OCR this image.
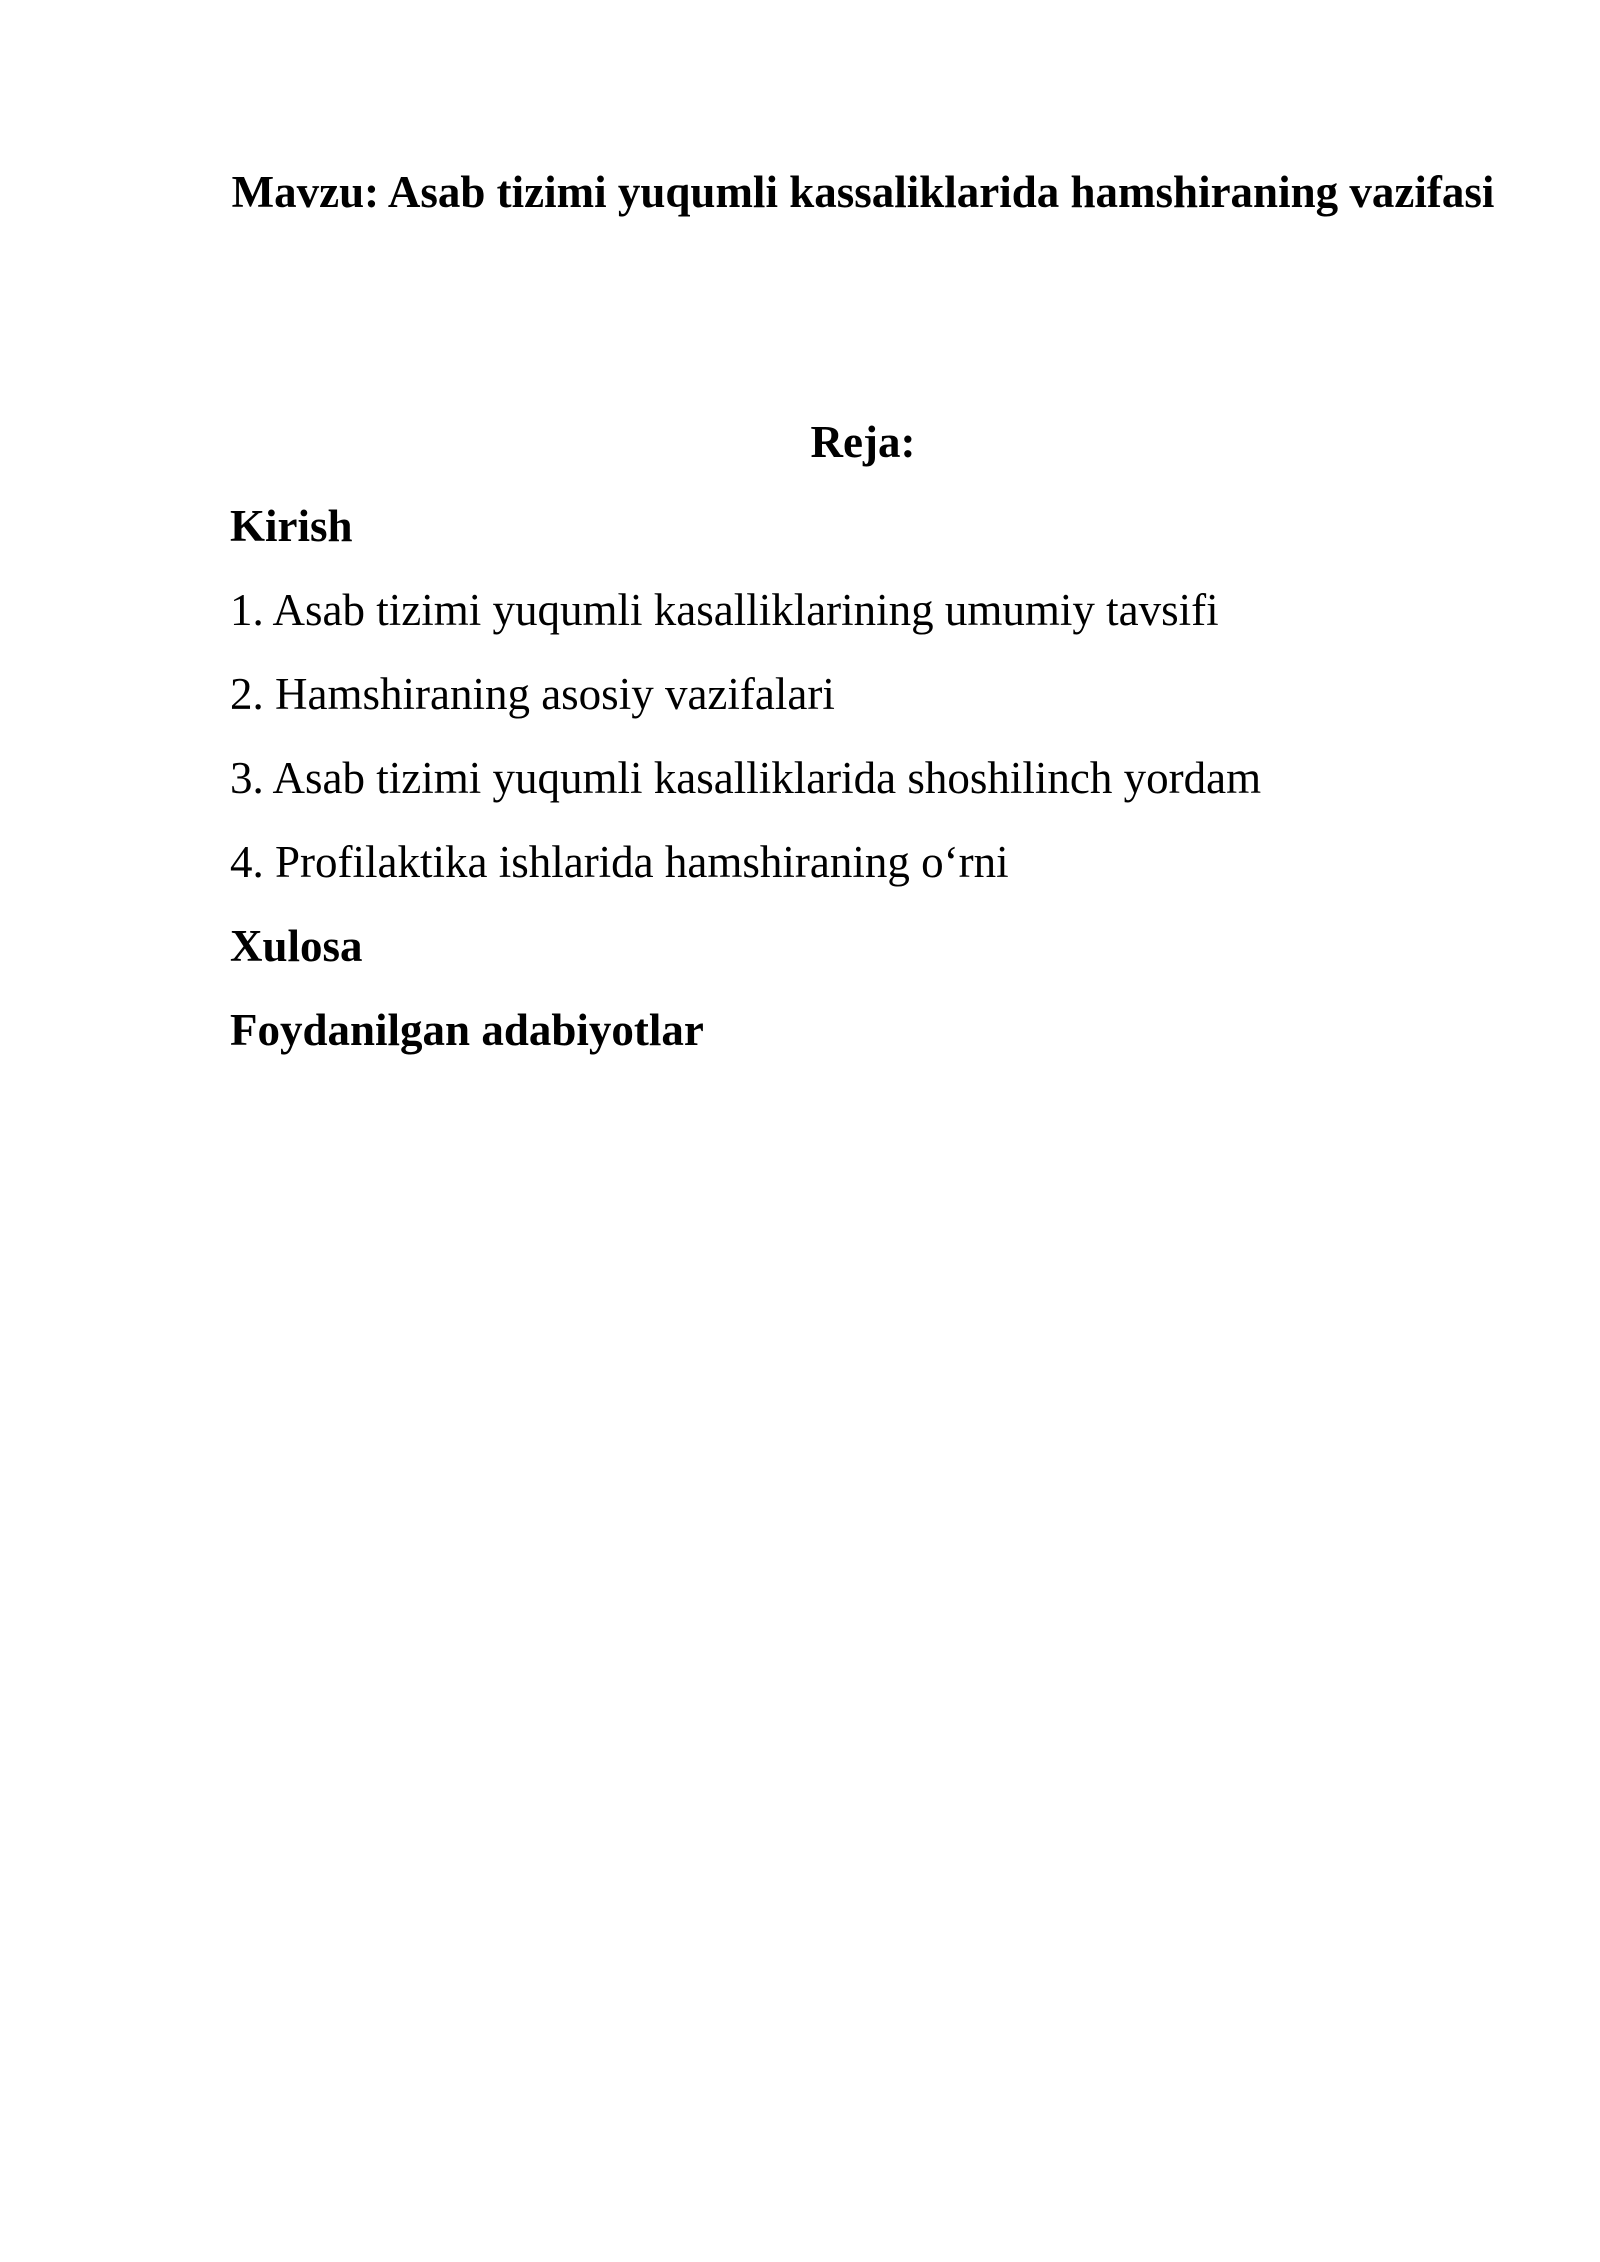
Mavzu: Asab tizimi yuqumli kassaliklarida hamshiraning vazifasi
Reja:
Kirish
1. Asab tizimi yuqumli kasalliklarining umumiy tavsifi
2. Hamshiraning asosiy vazifalari
3. Asab tizimi yuqumli kasalliklarida shoshilinch yordam
4. Profilaktika ishlarida hamshiraning o‘rni
Xulosa
Foydanilgan adabiyotlar
